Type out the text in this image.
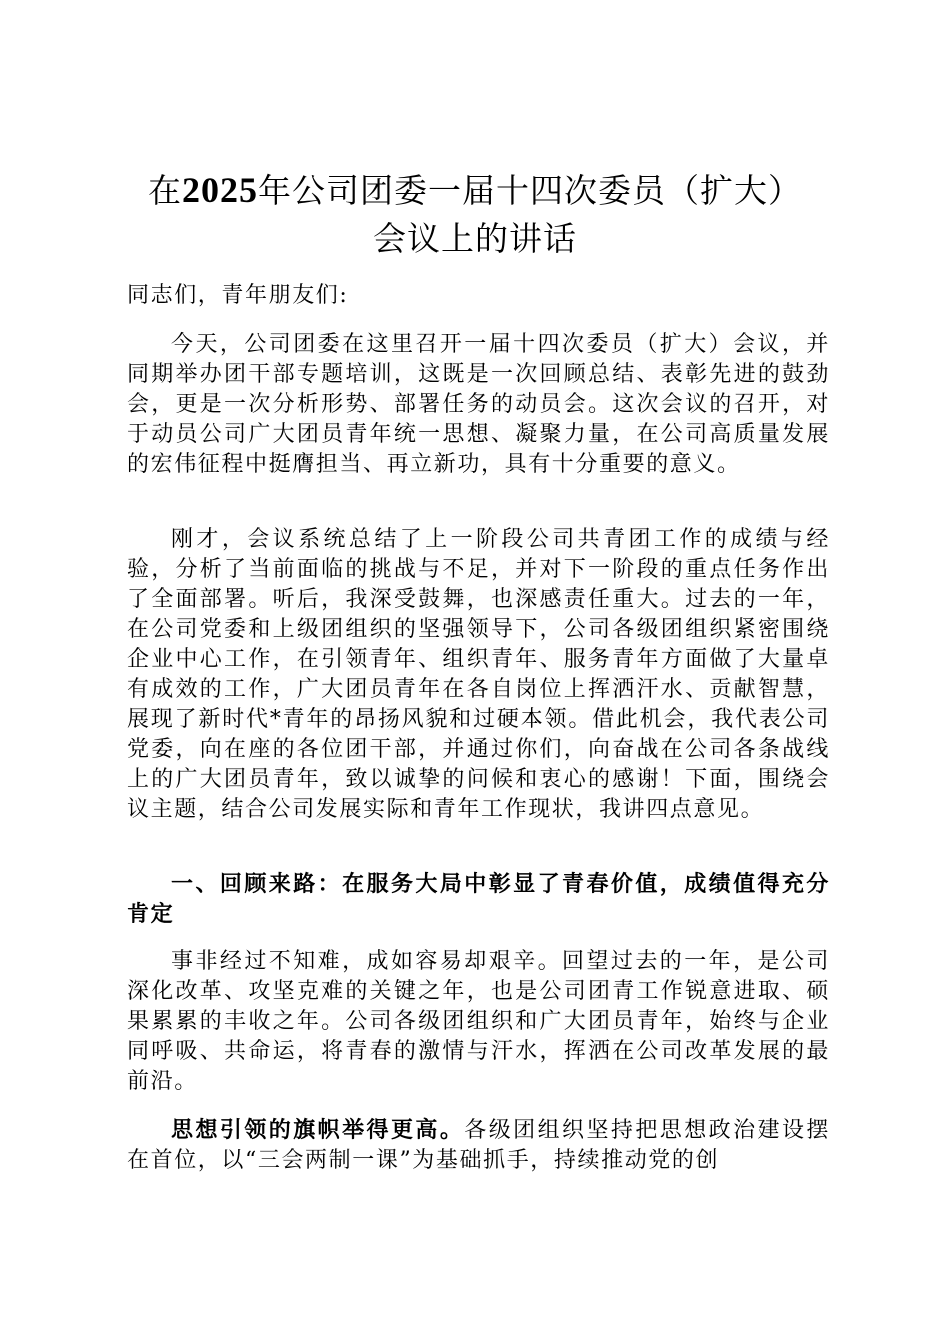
在2025年公司团委一届十四次委员（扩大）
会议上的讲话
同志们，青年朋友们:
今天，公司团委在这里召开一届十四次委员（扩大）会议，并同期举办团干部专题培训，这既是一次回顾总结、表彰先进的鼓劲会，更是一次分析形势、部署任务的动员会。这次会议的召开，对于动员公司广大团员青年统一思想、凝聚力量，在公司高质量发展的宏伟征程中挺膺担当、再立新功，具有十分重要的意义。
刚才，会议系统总结了上一阶段公司共青团工作的成绩与经验，分析了当前面临的挑战与不足，并对下一阶段的重点任务作出了全面部署。听后，我深受鼓舞，也深感责任重大。过去的一年，在公司党委和上级团组织的坚强领导下，公司各级团组织紧密围绕企业中心工作，在引领青年、组织青年、服务青年方面做了大量卓有成效的工作，广大团员青年在各自岗位上挥洒汗水、贡献智慧，展现了新时代*青年的昂扬风貌和过硬本领。借此机会，我代表公司党委，向在座的各位团干部，并通过你们，向奋战在公司各条战线上的广大团员青年，致以诚挚的问候和衷心的感谢！下面，围绕会议主题，结合公司发展实际和青年工作现状，我讲四点意见。
一、回顾来路：在服务大局中彰显了青春价值，成绩值得充分肯定
事非经过不知难，成如容易却艰辛。回望过去的一年，是公司深化改革、攻坚克难的关键之年，也是公司团青工作锐意进取、硕果累累的丰收之年。公司各级团组织和广大团员青年，始终与企业同呼吸、共命运，将青春的激情与汗水，挥洒在公司改革发展的最前沿。
思想引领的旗帜举得更高。各级团组织坚持把思想政治建设摆在首位，以“三会两制一课”为基础抓手，持续推动党的创
